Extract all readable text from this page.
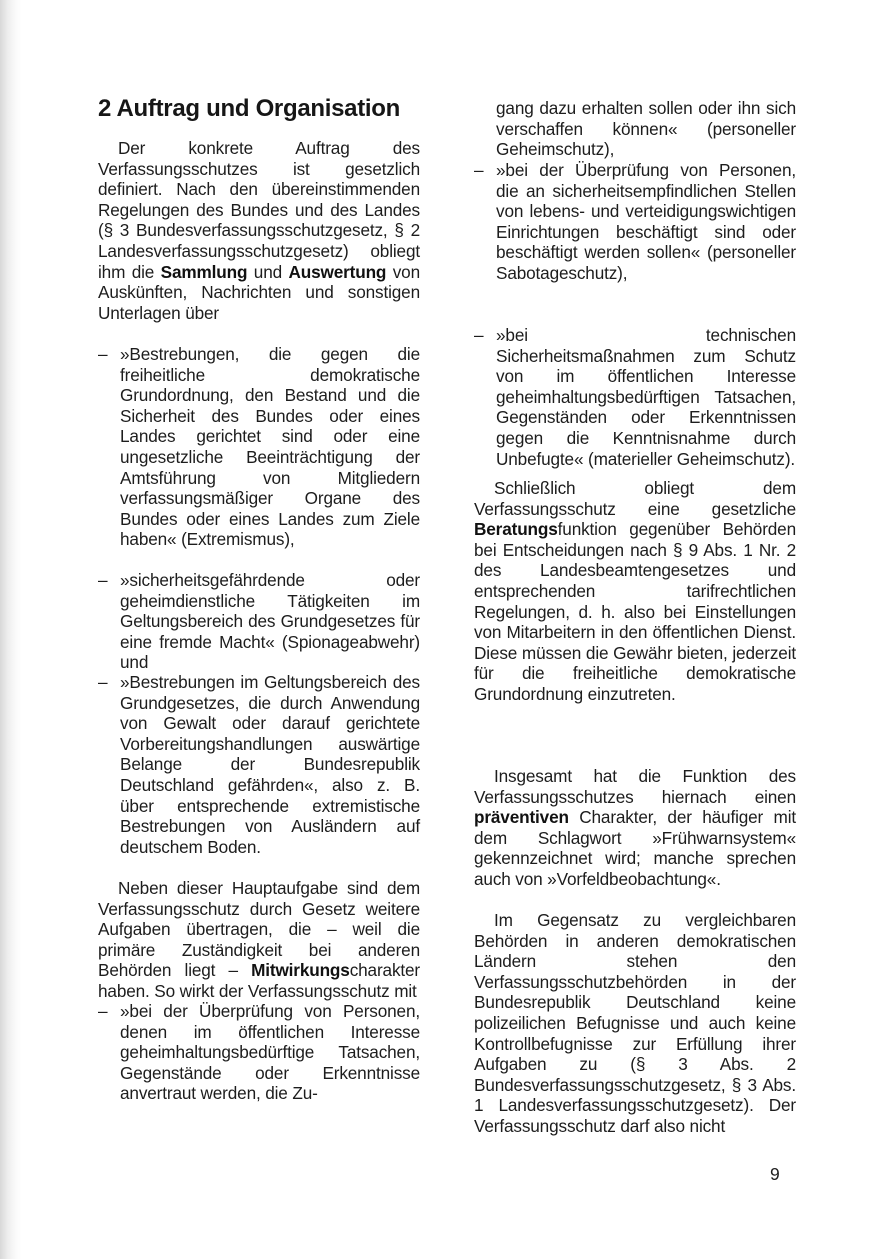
2 Auftrag und Organisation

Der konkrete Auftrag des Verfassungsschutzes ist gesetzlich definiert. Nach den übereinstimmenden Regelungen des Bundes und des Landes (§ 3 Bundesverfassungsschutzgesetz, § 2 Landesverfassungsschutzgesetz) obliegt ihm die Sammlung und Auswertung von Auskünften, Nachrichten und sonstigen Unterlagen über

– »Bestrebungen, die gegen die freiheitliche demokratische Grundordnung, den Bestand und die Sicherheit des Bundes oder eines Landes gerichtet sind oder eine ungesetzliche Beeinträchtigung der Amtsführung von Mitgliedern verfassungsmäßiger Organe des Bundes oder eines Landes zum Ziele haben« (Extremismus),
– »sicherheitsgefährdende oder geheimdienstliche Tätigkeiten im Geltungsbereich des Grundgesetzes für eine fremde Macht« (Spionageabwehr) und
– »Bestrebungen im Geltungsbereich des Grundgesetzes, die durch Anwendung von Gewalt oder darauf gerichtete Vorbereitungshandlungen auswärtige Belange der Bundesrepublik Deutschland gefährden«, also z. B. über entsprechende extremistische Bestrebungen von Ausländern auf deutschem Boden.

Neben dieser Hauptaufgabe sind dem Verfassungsschutz durch Gesetz weitere Aufgaben übertragen, die – weil die primäre Zuständigkeit bei anderen Behörden liegt – Mitwirkungscharakter haben. So wirkt der Verfassungsschutz mit

– »bei der Überprüfung von Personen, denen im öffentlichen Interesse geheimhaltungsbedürftige Tatsachen, Gegenstände oder Erkenntnisse anvertraut werden, die Zu-

gang dazu erhalten sollen oder ihn sich verschaffen können« (personeller Geheimschutz),

– »bei der Überprüfung von Personen, die an sicherheitsempfindlichen Stellen von lebens- und verteidigungswichtigen Einrichtungen beschäftigt sind oder beschäftigt werden sollen« (personeller Sabotageschutz),
– »bei technischen Sicherheitsmaßnahmen zum Schutz von im öffentlichen Interesse geheimhaltungsbedürftigen Tatsachen, Gegenständen oder Erkenntnissen gegen die Kenntnisnahme durch Unbefugte« (materieller Geheimschutz).

Schließlich obliegt dem Verfassungsschutz eine gesetzliche Beratungsfunktion gegenüber Behörden bei Entscheidungen nach § 9 Abs. 1 Nr. 2 des Landesbeamtengesetzes und entsprechenden tarifrechtlichen Regelungen, d. h. also bei Einstellungen von Mitarbeitern in den öffentlichen Dienst. Diese müssen die Gewähr bieten, jederzeit für die freiheitliche demokratische Grundordnung einzutreten.

Insgesamt hat die Funktion des Verfassungsschutzes hiernach einen präventiven Charakter, der häufiger mit dem Schlagwort »Frühwarnsystem« gekennzeichnet wird; manche sprechen auch von »Vorfeldbeobachtung«.

Im Gegensatz zu vergleichbaren Behörden in anderen demokratischen Ländern stehen den Verfassungsschutzbehörden in der Bundesrepublik Deutschland keine polizeilichen Befugnisse und auch keine Kontrollbefugnisse zur Erfüllung ihrer Aufgaben zu (§ 3 Abs. 2 Bundesverfassungsschutzgesetz, § 3 Abs. 1 Landesverfassungsschutzgesetz). Der Verfassungsschutz darf also nicht

9
